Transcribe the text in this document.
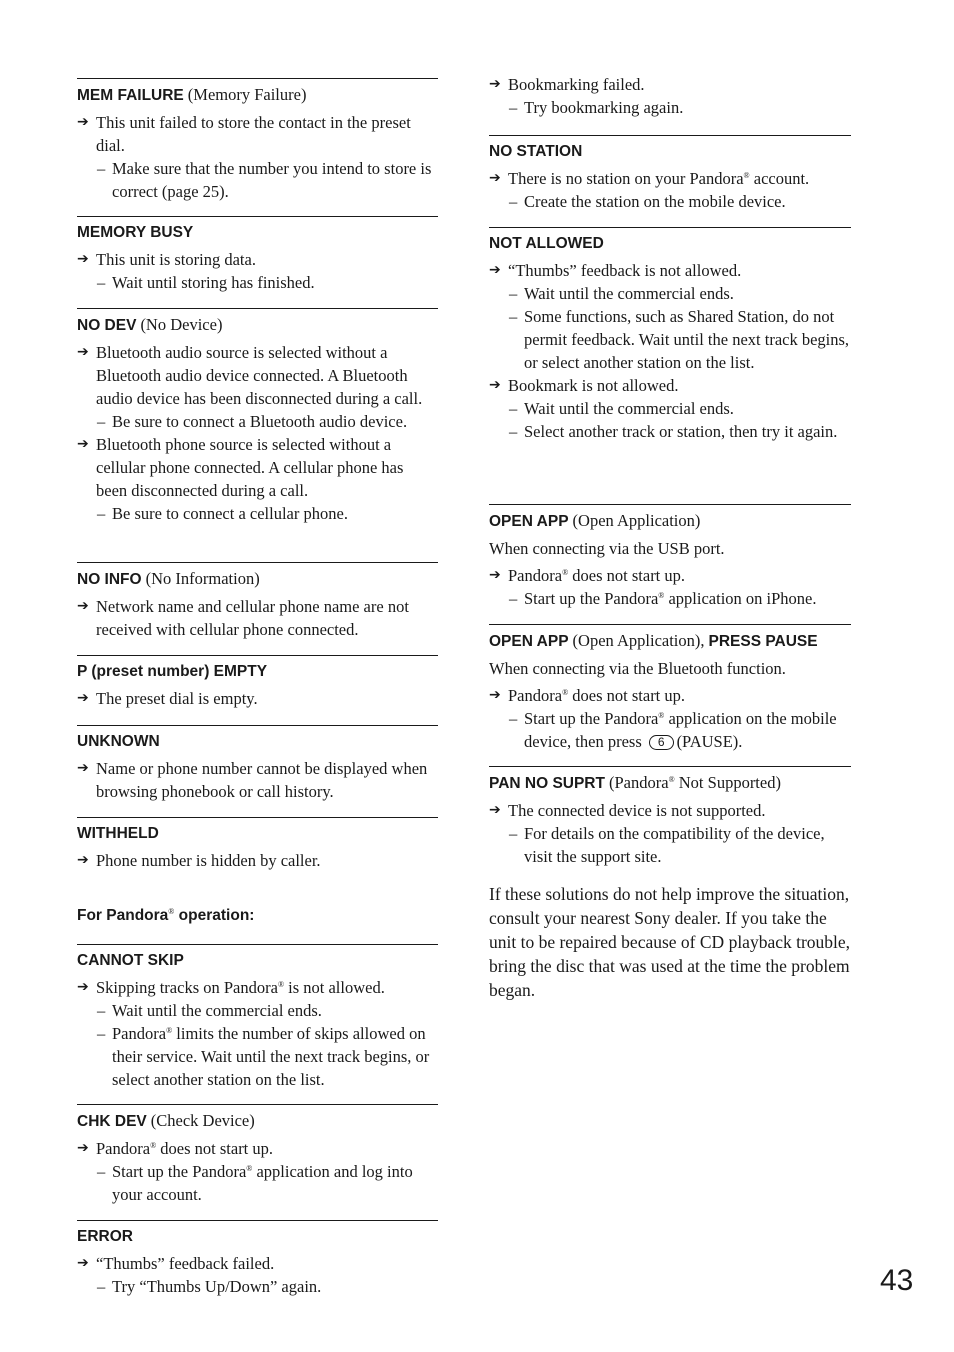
MEM FAILURE (Memory Failure)
➔ This unit failed to store the contact in the preset dial.
– Make sure that the number you intend to store is correct (page 25).
MEMORY BUSY
➔ This unit is storing data.
– Wait until storing has finished.
NO DEV (No Device)
➔ Bluetooth audio source is selected without a Bluetooth audio device connected. A Bluetooth audio device has been disconnected during a call.
– Be sure to connect a Bluetooth audio device.
➔ Bluetooth phone source is selected without a cellular phone connected. A cellular phone has been disconnected during a call.
– Be sure to connect a cellular phone.
NO INFO (No Information)
➔ Network name and cellular phone name are not received with cellular phone connected.
P (preset number) EMPTY
➔ The preset dial is empty.
UNKNOWN
➔ Name or phone number cannot be displayed when browsing phonebook or call history.
WITHHELD
➔ Phone number is hidden by caller.
For Pandora® operation:
CANNOT SKIP
➔ Skipping tracks on Pandora® is not allowed.
– Wait until the commercial ends.
– Pandora® limits the number of skips allowed on their service. Wait until the next track begins, or select another station on the list.
CHK DEV (Check Device)
➔ Pandora® does not start up.
– Start up the Pandora® application and log into your account.
ERROR
➔ “Thumbs” feedback failed.
– Try “Thumbs Up/Down” again.
➔ Bookmarking failed.
– Try bookmarking again.
NO STATION
➔ There is no station on your Pandora® account.
– Create the station on the mobile device.
NOT ALLOWED
➔ “Thumbs” feedback is not allowed.
– Wait until the commercial ends.
– Some functions, such as Shared Station, do not permit feedback. Wait until the next track begins, or select another station on the list.
➔ Bookmark is not allowed.
– Wait until the commercial ends.
– Select another track or station, then try it again.
OPEN APP (Open Application)
When connecting via the USB port.
➔ Pandora® does not start up.
– Start up the Pandora® application on iPhone.
OPEN APP (Open Application), PRESS PAUSE
When connecting via the Bluetooth function.
➔ Pandora® does not start up.
– Start up the Pandora® application on the mobile device, then press 6 (PAUSE).
PAN NO SUPRT (Pandora® Not Supported)
➔ The connected device is not supported.
– For details on the compatibility of the device, visit the support site.
If these solutions do not help improve the situation, consult your nearest Sony dealer. If you take the unit to be repaired because of CD playback trouble, bring the disc that was used at the time the problem began.
43
